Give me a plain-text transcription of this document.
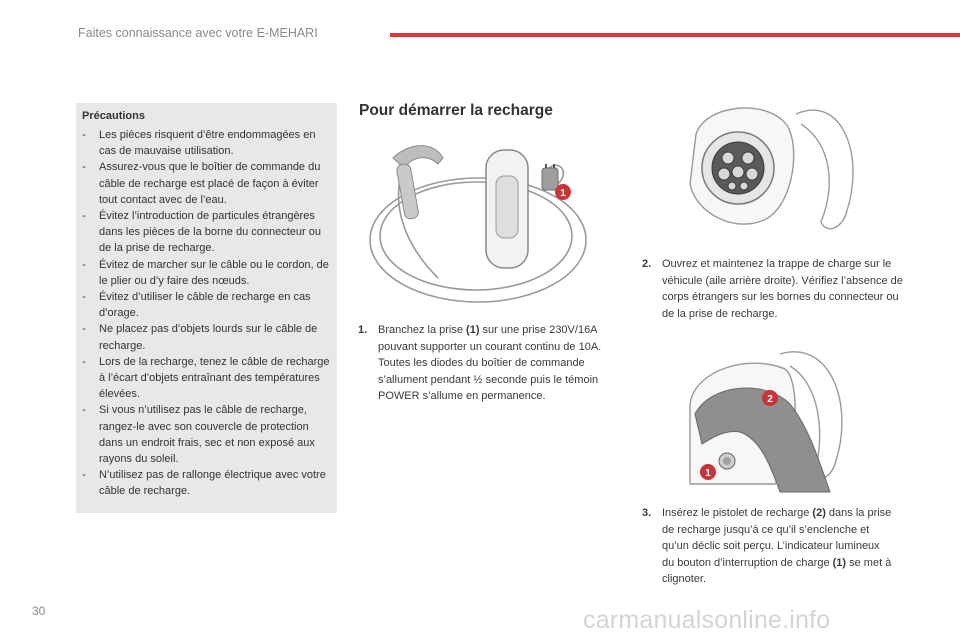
Faites connaissance avec votre E-MEHARI
Précautions
-	Les pièces risquent d’être endommagées en cas de mauvaise utilisation.
-	Assurez-vous que le boîtier de commande du câble de recharge est placé de façon à éviter tout contact avec de l’eau.
-	Évitez l’introduction de particules étrangères dans les pièces de la borne du connecteur ou de la prise de recharge.
-	Évitez de marcher sur le câble ou le cordon, de le plier ou d’y faire des nœuds.
-	Évitez d’utiliser le câble de recharge en cas d’orage.
-	Ne placez pas d’objets lourds sur le câble de recharge.
-	Lors de la recharge, tenez le câble de recharge à l’écart d’objets entraînant des températures élevées.
-	Si vous n’utilisez pas le câble de recharge, rangez-le avec son couvercle de protection dans un endroit frais, sec et non exposé aux rayons du soleil.
-	N’utilisez pas de rallonge électrique avec votre câble de recharge.
Pour démarrer la recharge
1
2
1
1. Branchez la prise (1) sur une prise 230V/16A pouvant supporter un courant continu de 10A. Toutes les diodes du boîtier de commande s’allument pendant ½ seconde puis le témoin POWER s’allume en permanence.
2. Ouvrez et maintenez la trappe de charge sur le véhicule (aile arrière droite). Vérifiez l’absence de corps étrangers sur les bornes du connecteur ou de la prise de recharge.
3. Insérez le pistolet de recharge (2) dans la prise de recharge jusqu’à ce qu’il s’enclenche et qu’un déclic soit perçu. L’indicateur lumineux du bouton d’interruption de charge (1) se met à clignoter.
30	carmanualsonline.info
